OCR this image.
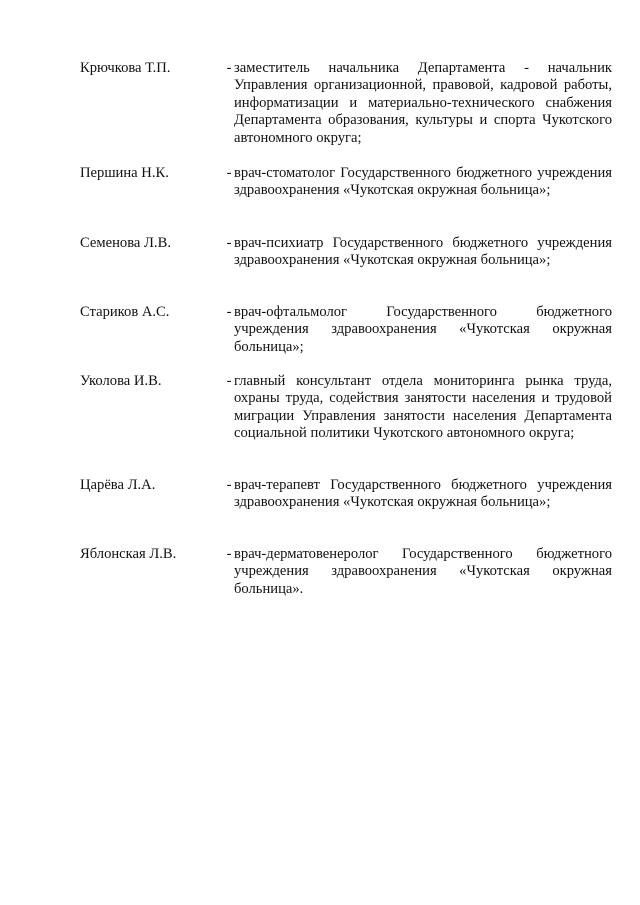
Крючкова Т.П.	- заместитель начальника Департамента - начальник Управления организационной, правовой, кадровой работы, информатизации и материально-технического снабжения Департамента образования, культуры и спорта Чукотского автономного округа;
Першина Н.К.	- врач-стоматолог Государственного бюджетного учреждения здравоохранения «Чукотская окружная больница»;
Семенова Л.В.	- врач-психиатр Государственного бюджетного учреждения здравоохранения «Чукотская окружная больница»;
Стариков А.С.	- врач-офтальмолог Государственного бюджетного учреждения здравоохранения «Чукотская окружная больница»;
Уколова И.В.	- главный консультант отдела мониторинга рынка труда, охраны труда, содействия занятости населения и трудовой миграции Управления занятости населения Департамента социальной политики Чукотского автономного округа;
Царёва Л.А.	- врач-терапевт Государственного бюджетного учреждения здравоохранения «Чукотская окружная больница»;
Яблонская Л.В.	- врач-дерматовенеролог Государственного бюджетного учреждения здравоохранения «Чукотская окружная больница».
